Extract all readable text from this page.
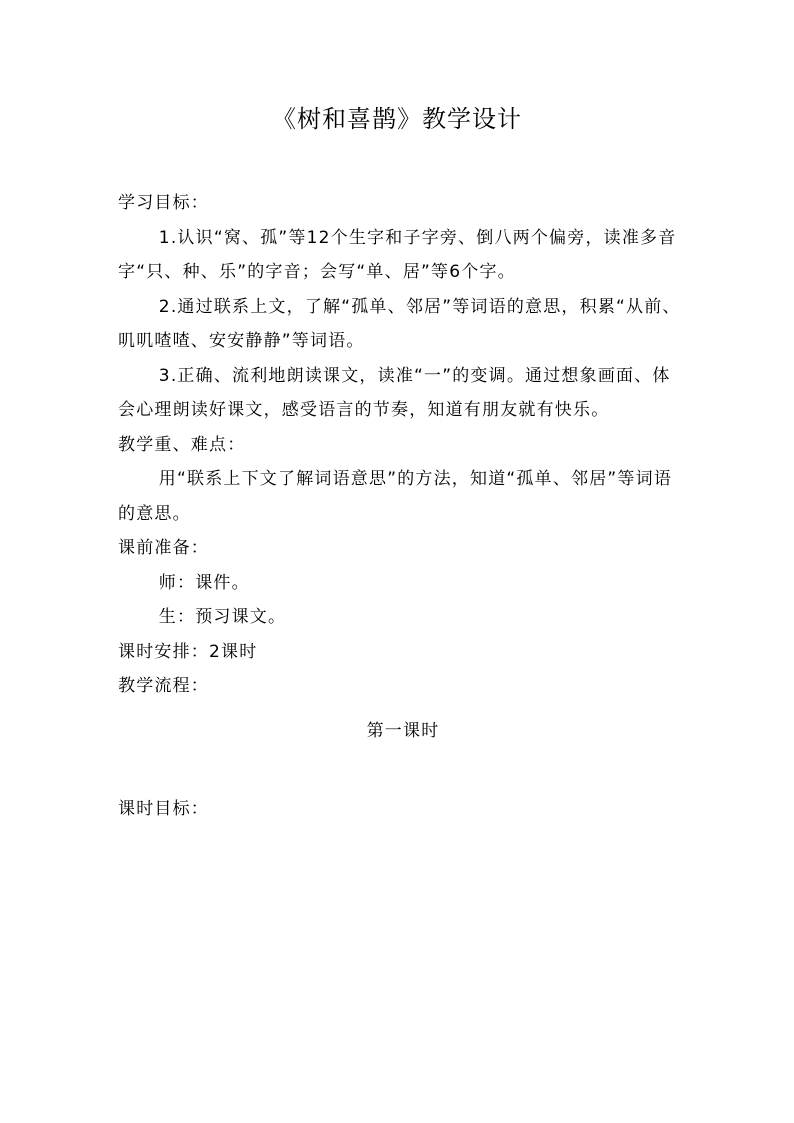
《树和喜鹊》教学设计

学习目标：

1.认识“窝、孤”等12个生字和子字旁、倒八两个偏旁，读准多音字“只、种、乐”的字音；会写“单、居”等6个字。

2.通过联系上文，了解“孤单、邻居”等词语的意思，积累“从前、叽叽喳喳、安安静静”等词语。

3.正确、流利地朗读课文，读准“一”的变调。通过想象画面、体会心理朗读好课文，感受语言的节奏，知道有朋友就有快乐。

教学重、难点：

用“联系上下文了解词语意思”的方法，知道“孤单、邻居”等词语的意思。

课前准备：

师：课件。

生：预习课文。

课时安排：2课时

教学流程：

第一课时

课时目标：
